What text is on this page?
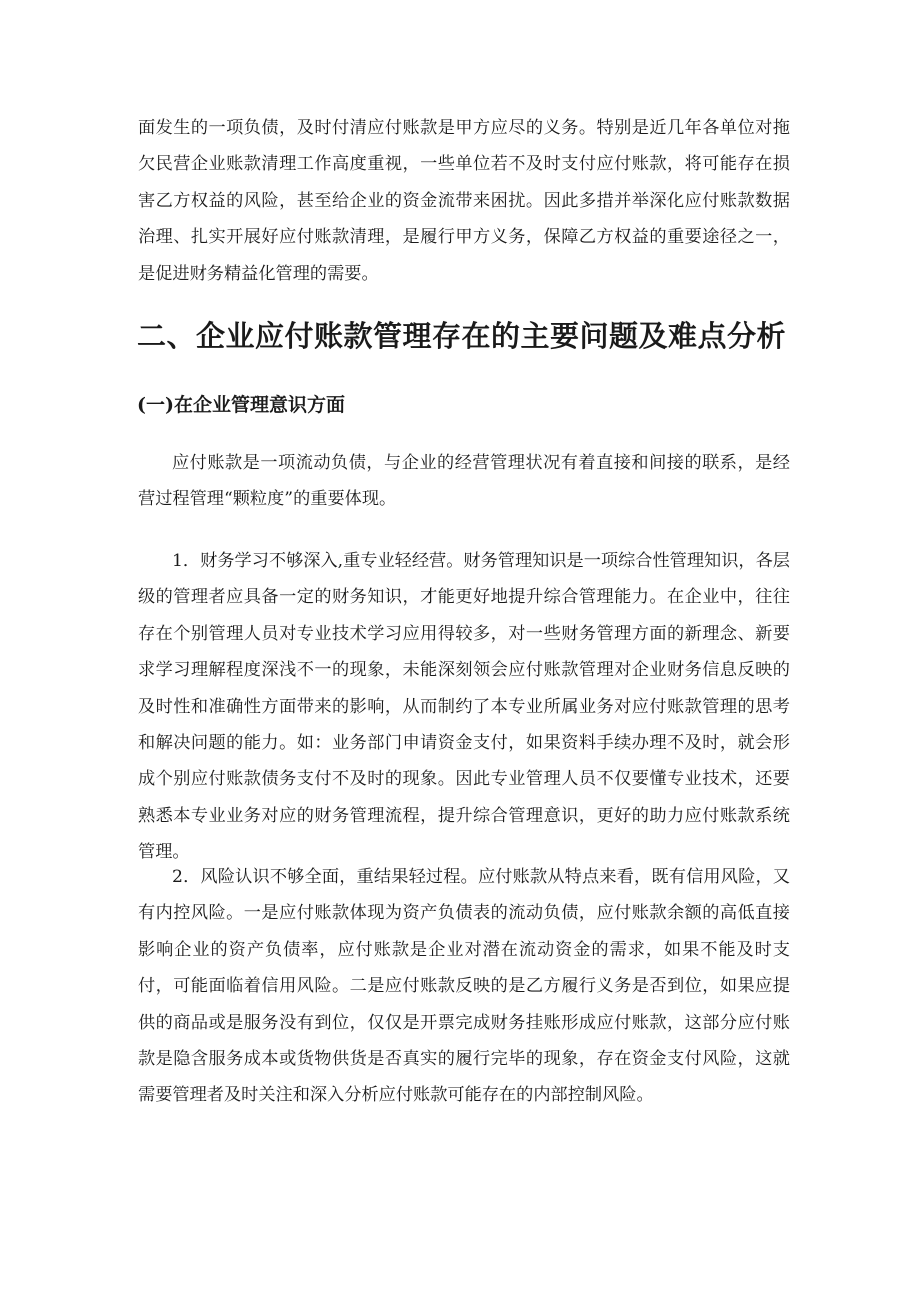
面发生的一项负债，及时付清应付账款是甲方应尽的义务。特别是近几年各单位对拖欠民营企业账款清理工作高度重视，一些单位若不及时支付应付账款，将可能存在损害乙方权益的风险，甚至给企业的资金流带来困扰。因此多措并举深化应付账款数据治理、扎实开展好应付账款清理，是履行甲方义务，保障乙方权益的重要途径之一，是促进财务精益化管理的需要。

二、企业应付账款管理存在的主要问题及难点分析
(一)在企业管理意识方面

应付账款是一项流动负债，与企业的经营管理状况有着直接和间接的联系，是经营过程管理“颗粒度”的重要体现。

1．财务学习不够深入,重专业轻经营。财务管理知识是一项综合性管理知识，各层级的管理者应具备一定的财务知识，才能更好地提升综合管理能力。在企业中，往往存在个别管理人员对专业技术学习应用得较多，对一些财务管理方面的新理念、新要求学习理解程度深浅不一的现象，未能深刻领会应付账款管理对企业财务信息反映的及时性和准确性方面带来的影响，从而制约了本专业所属业务对应付账款管理的思考和解决问题的能力。如：业务部门申请资金支付，如果资料手续办理不及时，就会形成个别应付账款债务支付不及时的现象。因此专业管理人员不仅要懂专业技术，还要熟悉本专业业务对应的财务管理流程，提升综合管理意识，更好的助力应付账款系统管理。

2．风险认识不够全面，重结果轻过程。应付账款从特点来看，既有信用风险，又有内控风险。一是应付账款体现为资产负债表的流动负债，应付账款余额的高低直接影响企业的资产负债率，应付账款是企业对潜在流动资金的需求，如果不能及时支付，可能面临着信用风险。二是应付账款反映的是乙方履行义务是否到位，如果应提供的商品或是服务没有到位，仅仅是开票完成财务挂账形成应付账款，这部分应付账款是隐含服务成本或货物供货是否真实的履行完毕的现象，存在资金支付风险，这就需要管理者及时关注和深入分析应付账款可能存在的内部控制风险。
